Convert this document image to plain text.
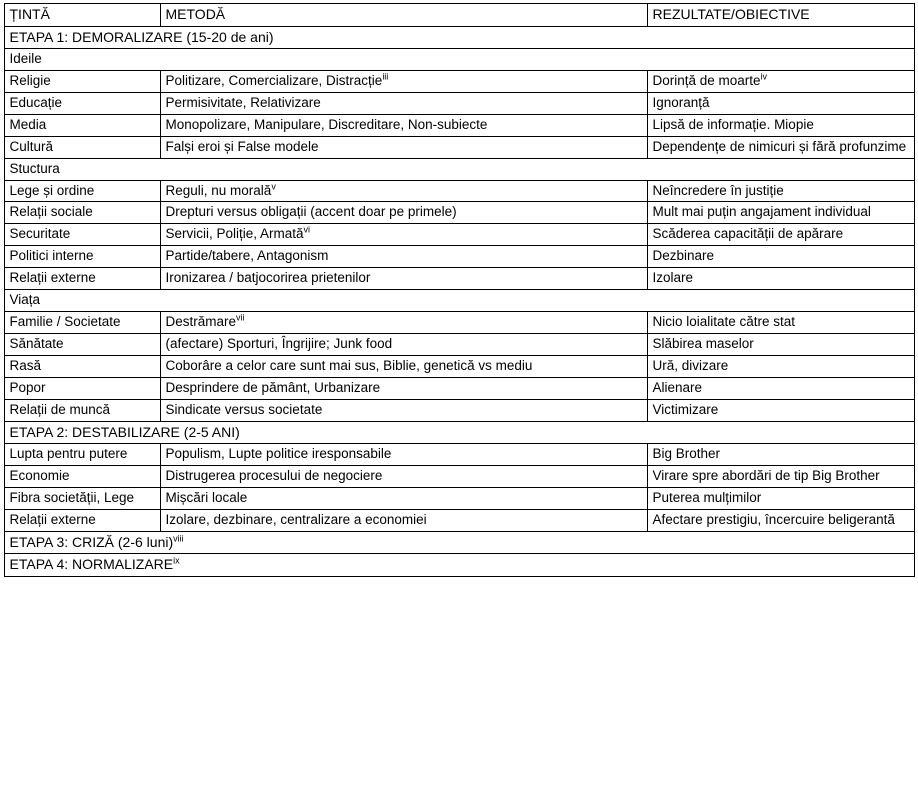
ȚINTĂ	METODĂ	REZULTATE/OBIECTIVE
ETAPA 1: DEMORALIZARE (15-20 de ani)		
Ideile		
Religie	Politizare, Comercializare, Distracție$^{iii}$	Dorință de moarte$^{iv}$
Educație	Permisivitate, Relativizare	Ignoranță
Media	Monopolizare, Manipulare, Discreditare, Non-subiecte	Lipsă de informație. Miopie
Cultură	Falși eroi și False modele	Dependențe de nimicuri și fără profunzime
Stuctura		
Lege și ordine	Reguli, nu morală$^v$	Neîncredere în justiție
Relații sociale	Drepturi versus obligații (accent doar pe primele)	Mult mai puțin angajament individual
Securitate	Servicii, Poliție, Armată$^{vi}$	Scăderea capacității de apărare
Politici interne	Partide/tabere, Antagonism	Dezbinare
Relații externe	Ironizarea / batjocorirea prietenilor	Izolare
Viața		
Familie / Societate	Destrămare$^{vii}$	Nicio loialitate către stat
Sănătate	(afectare) Sporturi, Îngrijire; Junk food	Slăbirea maselor
Rasă	Coborâre a celor care sunt mai sus, Biblie, genetică vs mediu	Ură, divizare
Popor	Desprindere de pământ, Urbanizare	Alienare
Relații de muncă	Sindicate versus societate	Victimizare
ETAPA 2: DESTABILIZARE (2-5 ANI)		
Lupta pentru putere	Populism, Lupte politice iresponsabile	Big Brother
Economie	Distrugerea procesului de negociere	Virare spre abordări de tip Big Brother
Fibra societății, Lege	Mișcări locale	Puterea mulțimilor
Relații externe	Izolare, dezbinare, centralizare a economiei	Afectare prestigiu, încercuire beligerantă
ETAPA 3: CRIZĂ (2-6 luni)$^{viii}$
ETAPA 4: NORMALIZARE$^{ix}$
